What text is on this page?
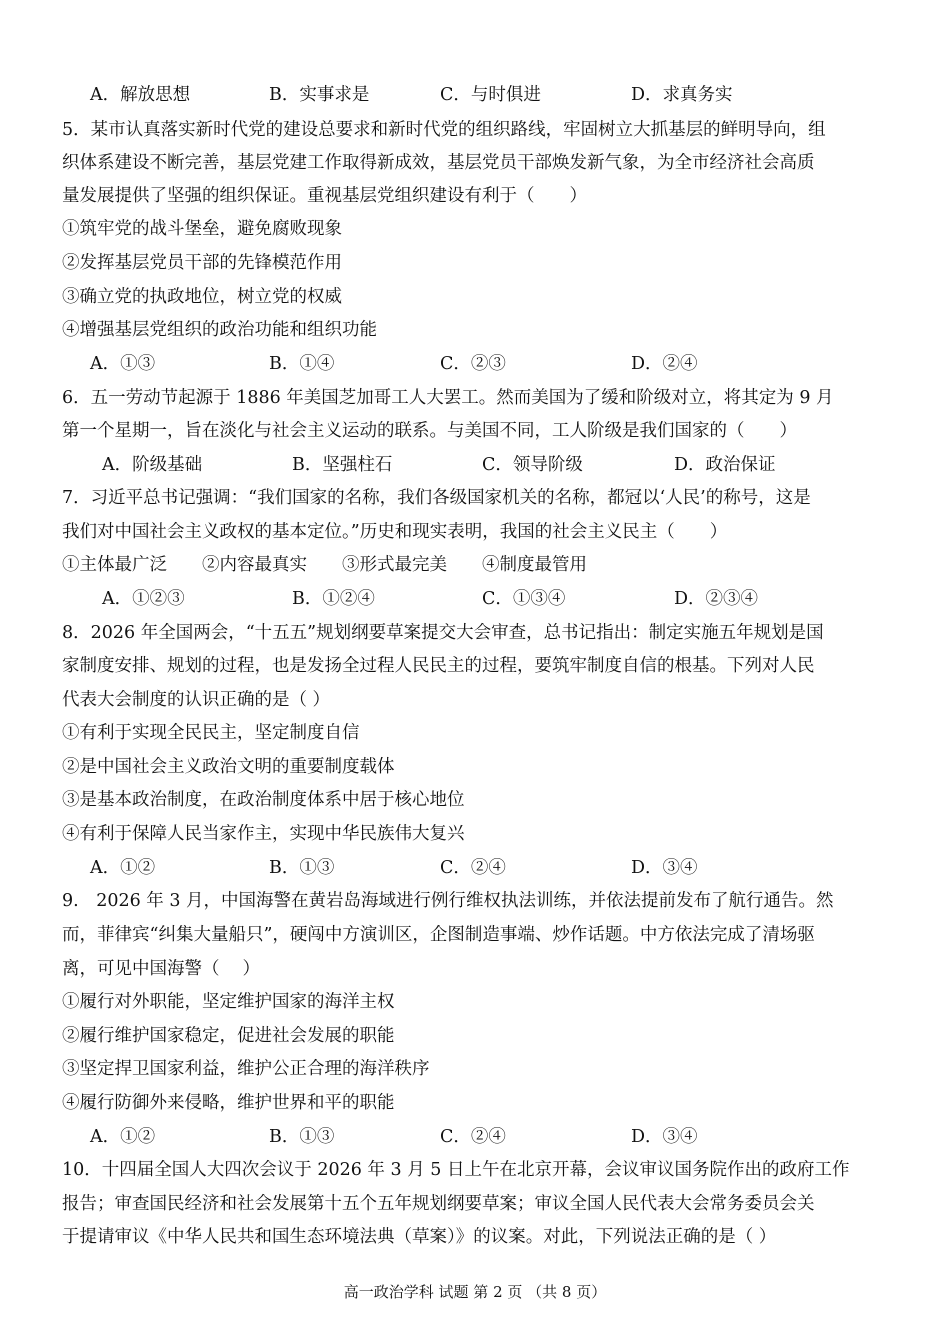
A．解放思想	B．实事求是	C．与时俱进	D．求真务实
5．某市认真落实新时代党的建设总要求和新时代党的组织路线，牢固树立大抓基层的鲜明导向，组
织体系建设不断完善，基层党建工作取得新成效，基层党员干部焕发新气象，为全市经济社会高质
量发展提供了坚强的组织保证。重视基层党组织建设有利于（　　）
①筑牢党的战斗堡垒，避免腐败现象
②发挥基层党员干部的先锋模范作用
③确立党的执政地位，树立党的权威
④增强基层党组织的政治功能和组织功能
A．①③	B．①④	C．②③	D．②④
6．五一劳动节起源于 1886 年美国芝加哥工人大罢工。然而美国为了缓和阶级对立，将其定为 9 月
第一个星期一，旨在淡化与社会主义运动的联系。与美国不同，工人阶级是我们国家的（　　）
A．阶级基础	B．坚强柱石	C．领导阶级	D．政治保证
7．习近平总书记强调：“我们国家的名称，我们各级国家机关的名称，都冠以‘人民’的称号，这是
我们对中国社会主义政权的基本定位。”历史和现实表明，我国的社会主义民主（　　）
①主体最广泛　　②内容最真实　　③形式最完美　　④制度最管用
A．①②③	B．①②④	C．①③④	D．②③④
8．2026 年全国两会，“十五五”规划纲要草案提交大会审查，总书记指出：制定实施五年规划是国
家制度安排、规划的过程，也是发扬全过程人民民主的过程，要筑牢制度自信的根基。下列对人民
代表大会制度的认识正确的是（ ）
①有利于实现全民民主，坚定制度自信
②是中国社会主义政治文明的重要制度载体
③是基本政治制度，在政治制度体系中居于核心地位
④有利于保障人民当家作主，实现中华民族伟大复兴
A．①②	B．①③	C．②④	D．③④
9.　2026 年 3 月，中国海警在黄岩岛海域进行例行维权执法训练，并依法提前发布了航行通告。然
而，菲律宾“纠集大量船只”，硬闯中方演训区，企图制造事端、炒作话题。中方依法完成了清场驱
离，可见中国海警（　 ）
①履行对外职能，坚定维护国家的海洋主权
②履行维护国家稳定，促进社会发展的职能
③坚定捍卫国家利益，维护公正合理的海洋秩序
④履行防御外来侵略，维护世界和平的职能
A．①②	B．①③	C．②④	D．③④
10．十四届全国人大四次会议于 2026 年 3 月 5 日上午在北京开幕，会议审议国务院作出的政府工作
报告；审查国民经济和社会发展第十五个五年规划纲要草案；审议全国人民代表大会常务委员会关
于提请审议《中华人民共和国生态环境法典（草案）》的议案。对此，下列说法正确的是（ ）
高一政治学科 试题 第 2 页 （共 8 页）
